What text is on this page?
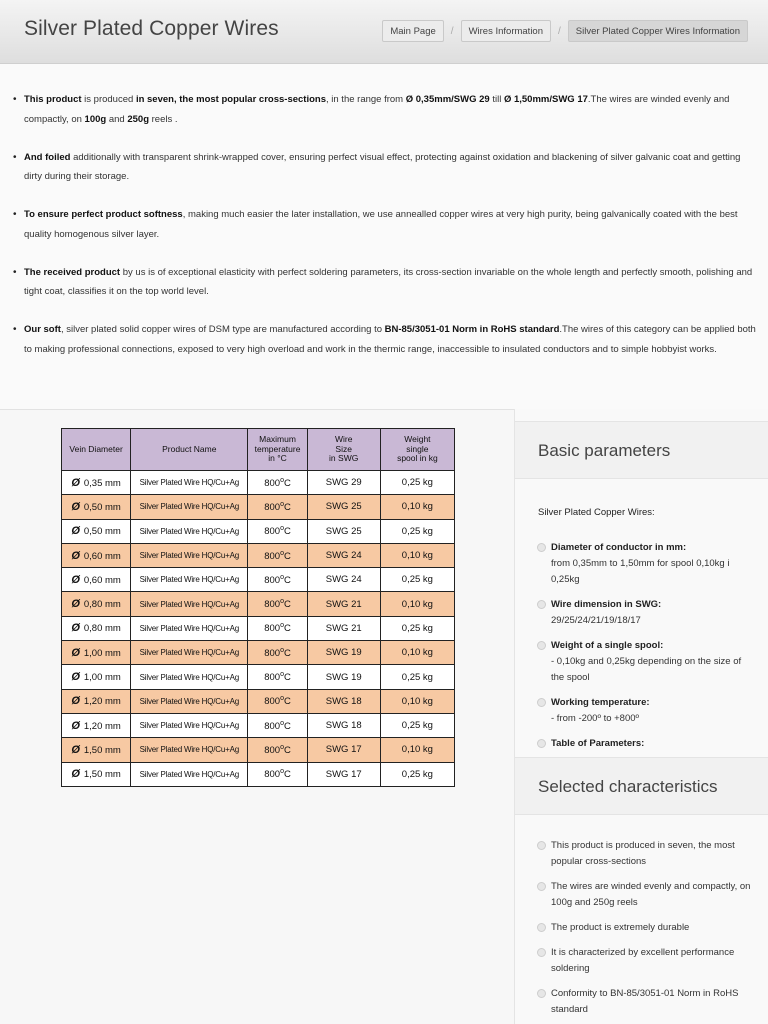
Silver Plated Copper Wires	Main Page	/	Wires Information	/	Silver Plated Copper Wires Information
• This product is produced in seven, the most popular cross-sections, in the range from Ø 0,35mm/SWG 29 till Ø 1,50mm/SWG 17.The wires are winded evenly and compactly, on 100g and 250g reels .
• And foiled additionally with transparent shrink-wrapped cover, ensuring perfect visual effect, protecting against oxidation and blackening of silver galvanic coat and getting dirty during their storage.
• To ensure perfect product softness, making much easier the later installation, we use annealled copper wires at very high purity, being galvanically coated with the best quality homogenous silver layer.
• The received product by us is of exceptional elasticity with perfect soldering parameters, its cross-section invariable on the whole length and perfectly smooth, polishing and tight coat, classifies it on the top world level.
• Our soft, silver plated solid copper wires of DSM type are manufactured according to BN-85/3051-01 Norm in RoHS standard.The wires of this category can be applied both to making professional connections, exposed to very high overload and work in the thermic range, inaccessible to insulated conductors and to simple hobbyist works.
Vein Diameter	Product Name	Maximum
temperature
in °C	Wire
Size
in SWG	Weight
single
spool in kg
Ø 0,35 mm	Silver Plated Wire HQ/Cu+Ag	800$^o$C	SWG 29	0,25 kg
Ø 0,50 mm	Silver Plated Wire HQ/Cu+Ag	800$^o$C	SWG 25	0,10 kg
Ø 0,50 mm	Silver Plated Wire HQ/Cu+Ag	800$^o$C	SWG 25	0,25 kg
Ø 0,60 mm	Silver Plated Wire HQ/Cu+Ag	800$^o$C	SWG 24	0,10 kg
Ø 0,60 mm	Silver Plated Wire HQ/Cu+Ag	800$^o$C	SWG 24	0,25 kg
Ø 0,80 mm	Silver Plated Wire HQ/Cu+Ag	800$^o$C	SWG 21	0,10 kg
Ø 0,80 mm	Silver Plated Wire HQ/Cu+Ag	800$^o$C	SWG 21	0,25 kg
Ø 1,00 mm	Silver Plated Wire HQ/Cu+Ag	800$^o$C	SWG 19	0,10 kg
Ø 1,00 mm	Silver Plated Wire HQ/Cu+Ag	800$^o$C	SWG 19	0,25 kg
Ø 1,20 mm	Silver Plated Wire HQ/Cu+Ag	800$^o$C	SWG 18	0,10 kg
Ø 1,20 mm	Silver Plated Wire HQ/Cu+Ag	800$^o$C	SWG 18	0,25 kg
Ø 1,50 mm	Silver Plated Wire HQ/Cu+Ag	800$^o$C	SWG 17	0,10 kg
Ø 1,50 mm	Silver Plated Wire HQ/Cu+Ag	800$^o$C	SWG 17	0,25 kg
Basic parameters
Silver Plated Copper Wires:
Diameter of conductor in mm:
from 0,35mm to 1,50mm for spool 0,10kg i 0,25kg
Wire dimension in SWG:
29/25/24/21/19/18/17
Weight of a single spool:
- 0,10kg and 0,25kg depending on the size of the spool
Working temperature:
- from -200º to +800º
Table of Parameters:
Selected characteristics
This product is produced in seven, the most popular cross-sections
The wires are winded evenly and compactly, on 100g and 250g reels
The product is extremely durable
It is characterized by excellent performance soldering
Conformity to BN-85/3051-01 Norm in RoHS standard
